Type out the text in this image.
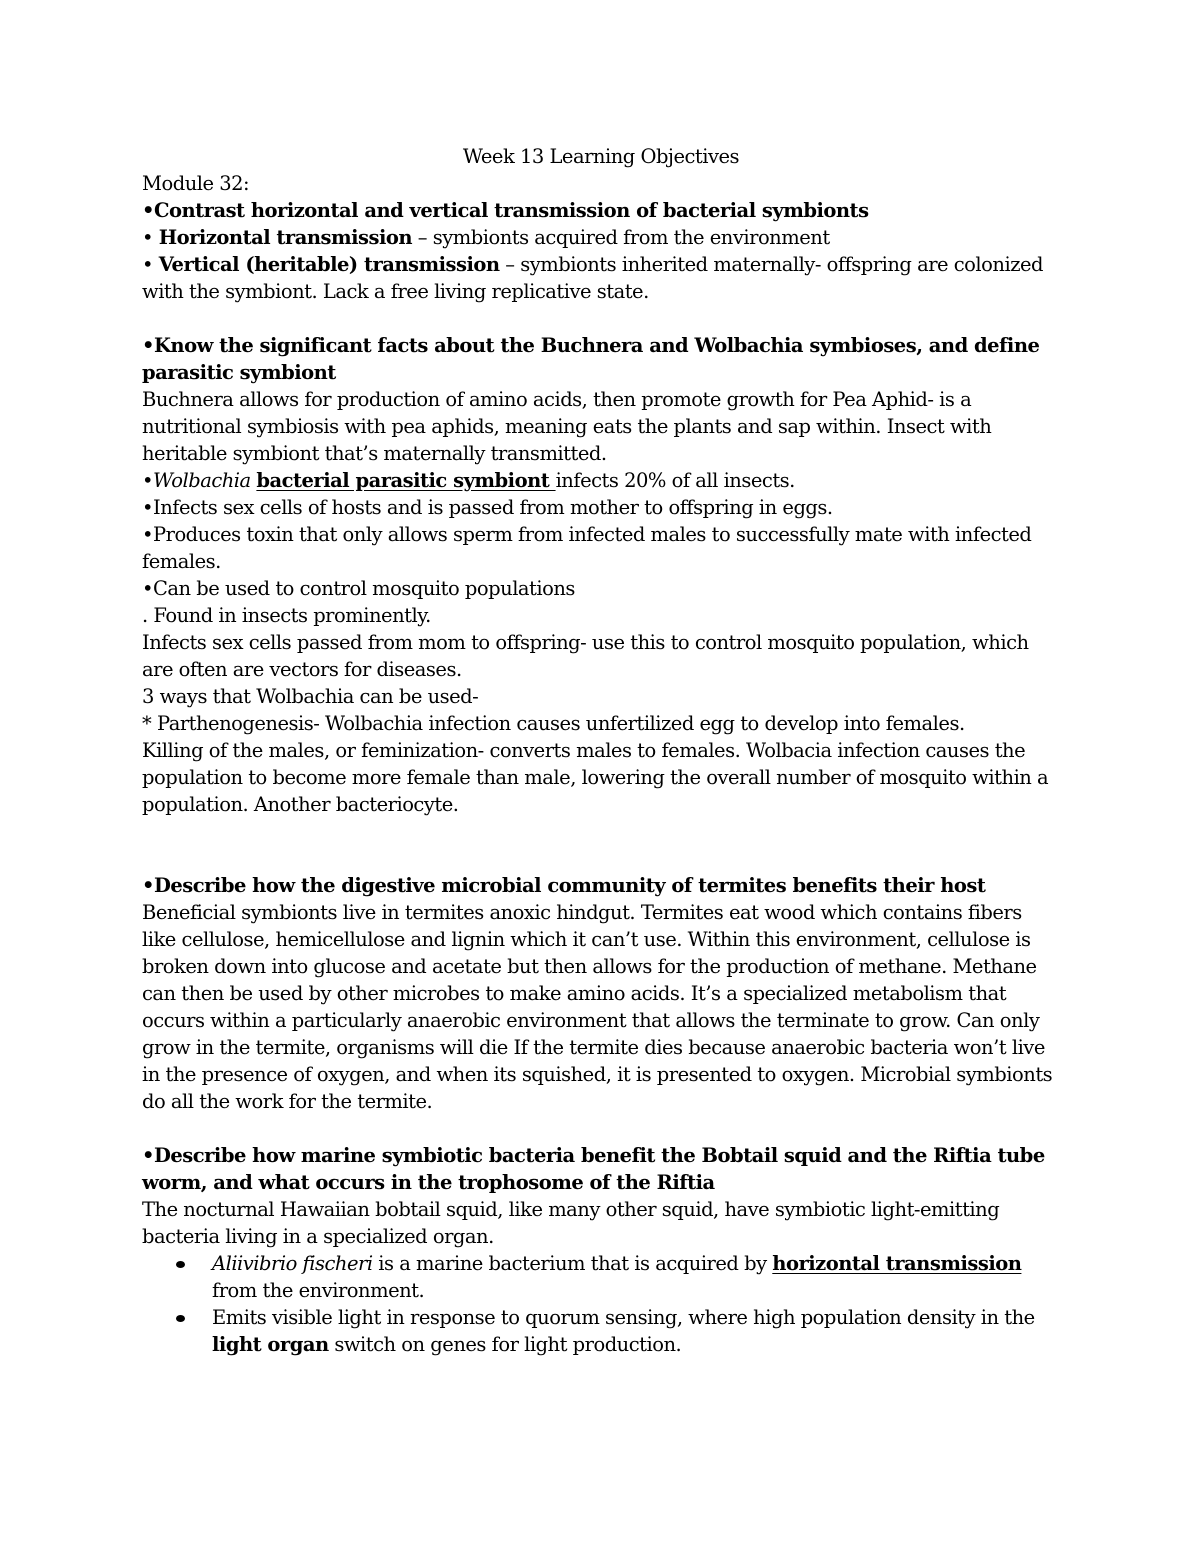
Week 13 Learning Objectives

Module 32:

•Contrast horizontal and vertical transmission of bacterial symbionts

• Horizontal transmission – symbionts acquired from the environment

• Vertical (heritable) transmission – symbionts inherited maternally- offspring are colonized with the symbiont. Lack a free living replicative state.

•Know the significant facts about the Buchnera and Wolbachia symbioses, and define parasitic symbiont

Buchnera allows for production of amino acids, then promote growth for Pea Aphid- is a nutritional symbiosis with pea aphids, meaning eats the plants and sap within. Insect with heritable symbiont that’s maternally transmitted.

•Wolbachia bacterial parasitic symbiont infects 20% of all insects.

•Infects sex cells of hosts and is passed from mother to offspring in eggs.

•Produces toxin that only allows sperm from infected males to successfully mate with infected females.

•Can be used to control mosquito populations

. Found in insects prominently.

Infects sex cells passed from mom to offspring- use this to control mosquito population, which are often are vectors for diseases.

3 ways that Wolbachia can be used-

* Parthenogenesis- Wolbachia infection causes unfertilized egg to develop into females.

Killing of the males, or feminization- converts males to females. Wolbacia infection causes the population to become more female than male, lowering the overall number of mosquito within a population. Another bacteriocyte.

•Describe how the digestive microbial community of termites benefits their host

Beneficial symbionts live in termites anoxic hindgut. Termites eat wood which contains fibers like cellulose, hemicellulose and lignin which it can’t use. Within this environment, cellulose is broken down into glucose and acetate but then allows for the production of methane. Methane can then be used by other microbes to make amino acids. It’s a specialized metabolism that occurs within a particularly anaerobic environment that allows the terminate to grow. Can only grow in the termite, organisms will die If the termite dies because anaerobic bacteria won’t live in the presence of oxygen, and when its squished, it is presented to oxygen. Microbial symbionts do all the work for the termite.

•Describe how marine symbiotic bacteria benefit the Bobtail squid and the Riftia tube worm, and what occurs in the trophosome of the Riftia

The nocturnal Hawaiian bobtail squid, like many other squid, have symbiotic light-emitting bacteria living in a specialized organ.

Aliivibrio fischeri is a marine bacterium that is acquired by horizontal transmission from the environment.
Emits visible light in response to quorum sensing, where high population density in the light organ switch on genes for light production.
